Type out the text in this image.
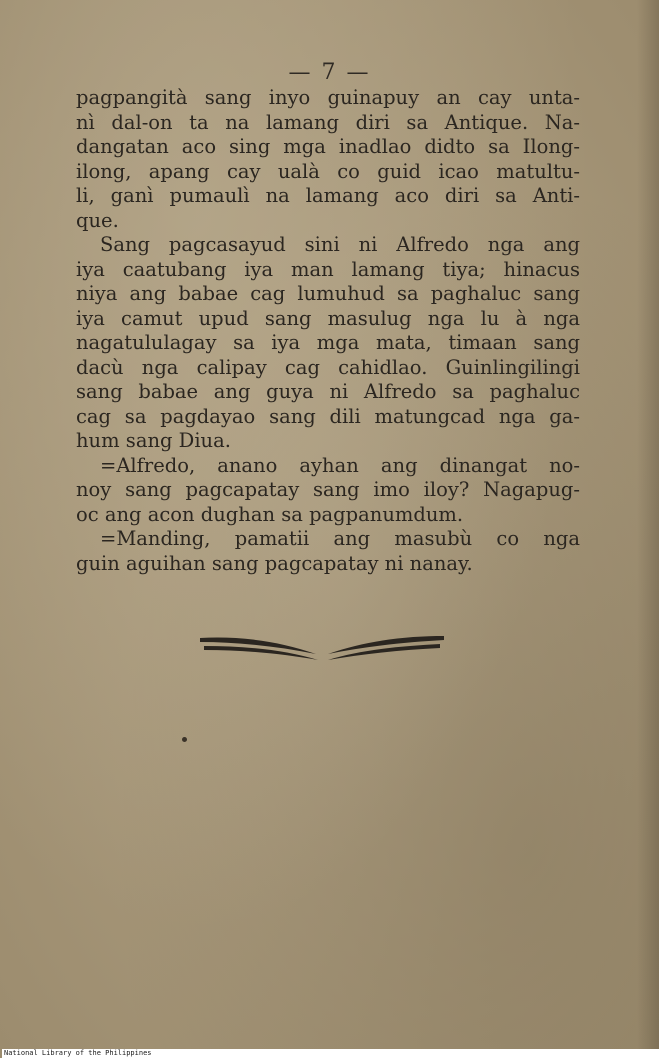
— 7 —
pagpangità sang inyo guinapuy an cay unta-
nì dal-on ta na lamang diri sa Antique. Na-
dangatan aco sing mga inadlao didto sa Ilong-
ilong, apang cay ualà co guid icao matultu-
li, ganì pumaulì na lamang aco diri sa Anti-
que.
Sang pagcasayud sini ni Alfredo nga ang
iya caatubang iya man lamang tiya; hinacus
niya ang babae cag lumuhud sa paghaluc sang
iya camut upud sang masulug nga lu à nga
nagatululagay sa iya mga mata, timaan sang
dacù nga calipay cag cahidlao. Guinlingilingi
sang babae ang guya ni Alfredo sa paghaluc
cag sa pagdayao sang dili matungcad nga ga-
hum sang Diua.
=Alfredo, anano ayhan ang dinangat no-
noy sang pagcapatay sang imo iloy? Nagapug-
oc ang acon dughan sa pagpanumdum.
=Manding, pamatii ang masubù co nga
guin aguihan sang pagcapatay ni nanay.
National Library of the Philippines
